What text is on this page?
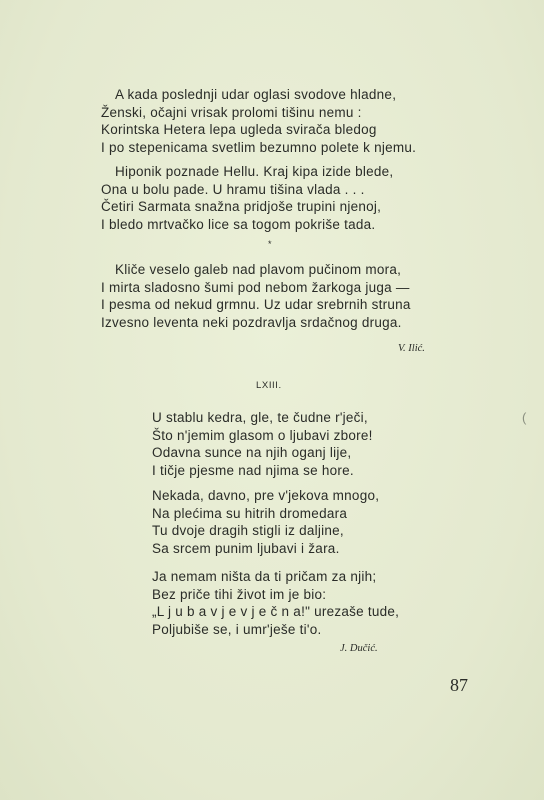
A kada poslednji udar oglasi svodove hladne,
Ženski, očajni vrisak prolomi tišinu nemu :
Korintska Hetera lepa ugleda svirača bledog
I po stepenicama svetlim bezumno polete k njemu.
Hiponik poznade Hellu. Kraj kipa izide blede,
Ona u bolu pade. U hramu tišina vlada . . .
Četiri Sarmata snažna pridjoše trupini njenoj,
I bledo mrtvačko lice sa togom pokriše tada.
*
Kliče veselo galeb nad plavom pučinom mora,
I mirta sladosno šumi pod nebom žarkoga juga —
I pesma od nekud grmnu. Uz udar srebrnih struna
Izvesno leventa neki pozdravlja srdačnog druga.
V. Ilić.
LXIII.
(
U stablu kedra, gle, te čudne r'ječi,
Što n'jemim glasom o ljubavi zbore!
Odavna sunce na njih oganj lije,
I tičje pjesme nad njima se hore.
Nekada, davno, pre v'jekova mnogo,
Na plećima su hitrih dromedara
Tu dvoje dragih stigli iz daljine,
Sa srcem punim ljubavi i žara.
Ja nemam ništa da ti pričam za njih;
Bez priče tihi život im je bio:
„L j u b a v j e v j e č n a!" urezaše tude,
Poljubiše se, i umr'ješe ti'o.
J. Dučić.
87
